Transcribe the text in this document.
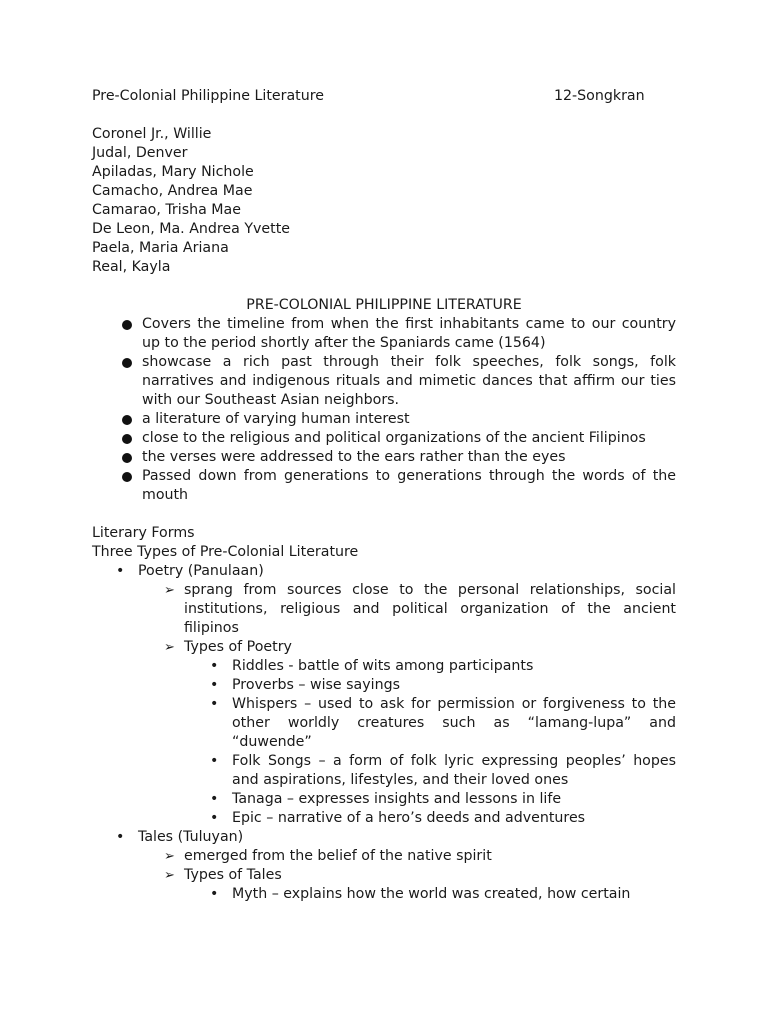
Pre-Colonial Philippine Literature	12-Songkran
Coronel Jr., Willie
Judal, Denver
Apiladas, Mary Nichole
Camacho, Andrea Mae
Camarao, Trisha Mae
De Leon, Ma. Andrea Yvette
Paela, Maria Ariana
Real, Kayla
PRE-COLONIAL PHILIPPINE LITERATURE
Covers the timeline from when the first inhabitants came to our country up to the period shortly after the Spaniards came (1564)
showcase a rich past through their folk speeches, folk songs, folk narratives and indigenous rituals and mimetic dances that affirm our ties with our Southeast Asian neighbors.
a literature of varying human interest
close to the religious and political organizations of the ancient Filipinos
the verses were addressed to the ears rather than the eyes
Passed down from generations to generations through the words of the mouth
Literary Forms
Three Types of Pre-Colonial Literature
• Poetry (Panulaan)
➢ sprang from sources close to the personal relationships, social institutions, religious and political organization of the ancient filipinos
➢ Types of Poetry
• Riddles - battle of wits among participants
• Proverbs – wise sayings
• Whispers – used to ask for permission or forgiveness to the other worldly creatures such as “lamang-lupa” and “duwende”
• Folk Songs – a form of folk lyric expressing peoples’ hopes and aspirations, lifestyles, and their loved ones
• Tanaga – expresses insights and lessons in life
• Epic – narrative of a hero’s deeds and adventures
• Tales (Tuluyan)
➢ emerged from the belief of the native spirit
➢ Types of Tales
• Myth – explains how the world was created, how certain
